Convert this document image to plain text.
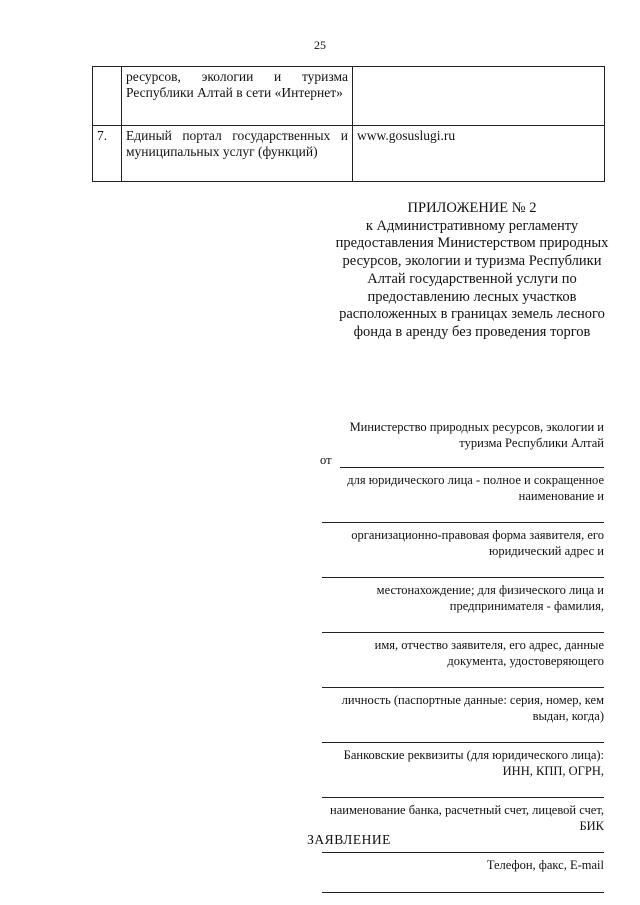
25
	ресурсов, экологии и туризма Республики Алтай в сети «Интернет»	
7.	Единый портал государственных и муниципальных услуг (функций)	www.gosuslugi.ru
ПРИЛОЖЕНИЕ № 2
к Административному регламенту предоставления Министерством природных ресурсов, экологии и туризма Республики Алтай государственной услуги по предоставлению лесных участков расположенных в границах земель лесного фонда в аренду без проведения торгов
Министерство природных ресурсов, экологии и туризма Республики Алтай
от
для юридического лица - полное и сокращенное наименование и
организационно-правовая форма заявителя, его юридический адрес и
местонахождение; для физического лица и предпринимателя - фамилия,
имя, отчество заявителя, его адрес, данные документа, удостоверяющего
личность (паспортные данные: серия, номер, кем выдан, когда)
Банковские реквизиты (для юридического лица): ИНН, КПП, ОГРН,
наименование банка, расчетный счет, лицевой счет, БИК
Телефон, факс, E-mail
ЗАЯВЛЕНИЕ
